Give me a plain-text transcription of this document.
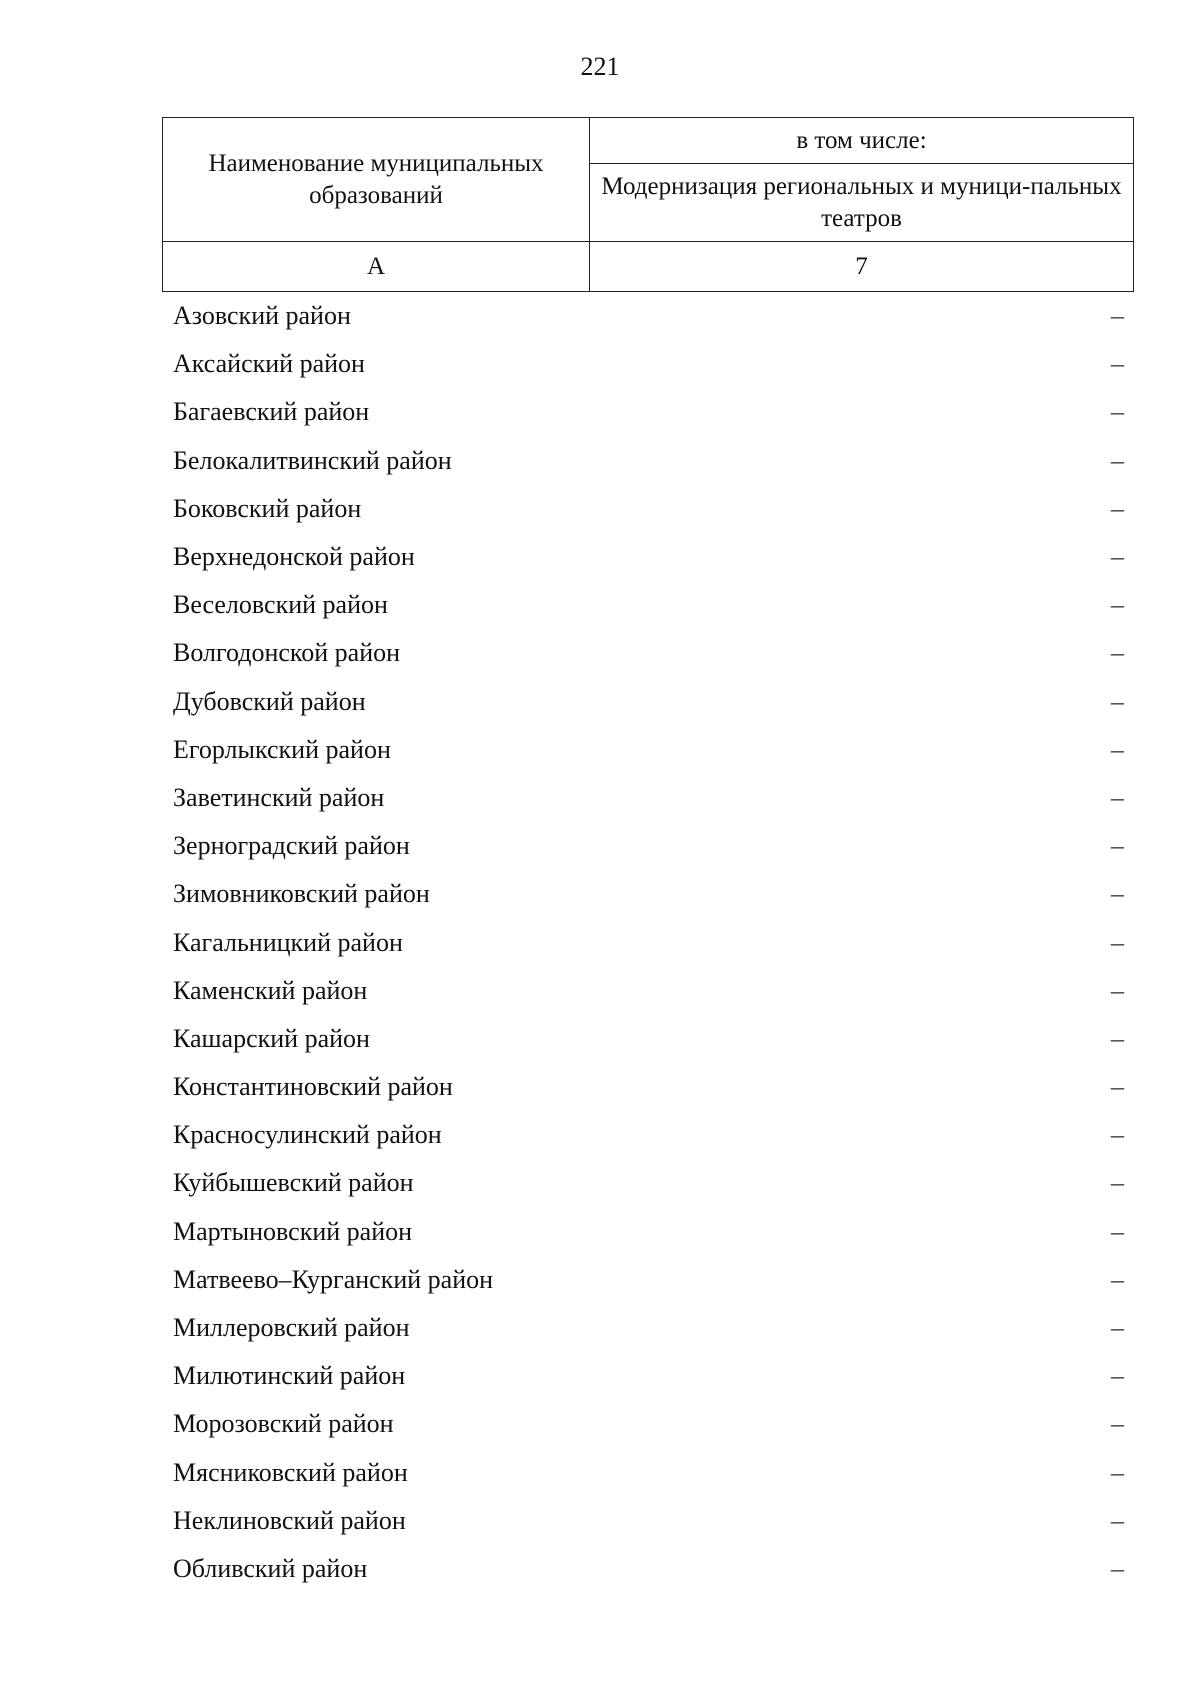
221
Наименование муниципальных образований	в том числе:
	Модернизация региональных и муници-пальных театров
А	7
Азовский район	–
Аксайский район	–
Багаевский район	–
Белокалитвинский район	–
Боковский район	–
Верхнедонской район	–
Веселовский район	–
Волгодонской район	–
Дубовский район	–
Егорлыкский район	–
Заветинский район	–
Зерноградский район	–
Зимовниковский район	–
Кагальницкий район	–
Каменский район	–
Кашарский район	–
Константиновский район	–
Красносулинский район	–
Куйбышевский район	–
Мартыновский район	–
Матвеево–Курганский район	–
Миллеровский район	–
Милютинский район	–
Морозовский район	–
Мясниковский район	–
Неклиновский район	–
Обливский район	–
